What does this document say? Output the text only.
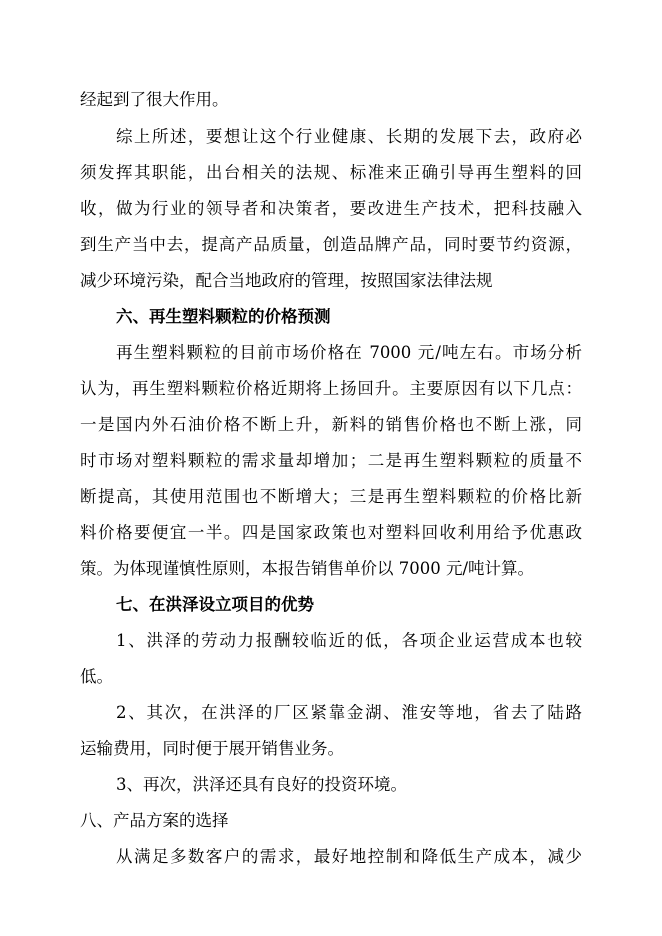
经起到了很大作用。
综上所述，要想让这个行业健康、长期的发展下去，政府必
须发挥其职能，出台相关的法规、标准来正确引导再生塑料的回
收，做为行业的领导者和决策者，要改进生产技术，把科技融入
到生产当中去，提高产品质量，创造品牌产品，同时要节约资源，
减少环境污染，配合当地政府的管理，按照国家法律法规
六、再生塑料颗粒的价格预测
再生塑料颗粒的目前市场价格在 7000 元/吨左右。市场分析
认为，再生塑料颗粒价格近期将上扬回升。主要原因有以下几点：
一是国内外石油价格不断上升，新料的销售价格也不断上涨，同
时市场对塑料颗粒的需求量却增加；二是再生塑料颗粒的质量不
断提高，其使用范围也不断增大；三是再生塑料颗粒的价格比新
料价格要便宜一半。四是国家政策也对塑料回收利用给予优惠政
策。为体现谨慎性原则，本报告销售单价以 7000 元/吨计算。
七、在洪泽设立项目的优势
1、洪泽的劳动力报酬较临近的低，各项企业运营成本也较
低。
2、其次，在洪泽的厂区紧靠金湖、淮安等地，省去了陆路
运输费用，同时便于展开销售业务。
3、再次，洪泽还具有良好的投资环境。
八、产品方案的选择
从满足多数客户的需求，最好地控制和降低生产成本，减少
